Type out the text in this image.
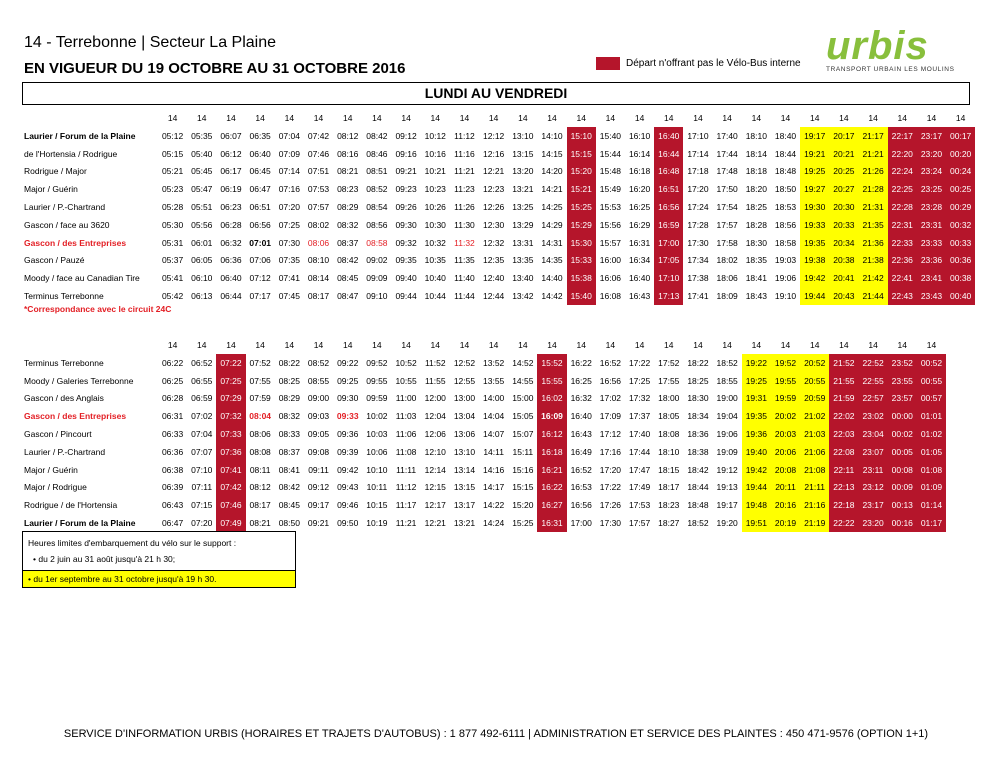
14 - Terrebonne | Secteur La Plaine
EN VIGUEUR DU 19 OCTOBRE AU 31 OCTOBRE 2016	Départ n'offrant pas le Vélo-Bus interne urbis
TRANSPORT URBAIN LES MOULINS
LUNDI AU VENDREDI
	14	14	14	14	14	14	14	14	14	14	14	14	14	14	14	14	14	14	14	14	14	14	14	14	14	14	14	14
Laurier / Forum de la Plaine	05:12	05:35	06:07	06:35	07:04	07:42	08:12	08:42	09:12	10:12	11:12	12:12	13:10	14:10	15:10	15:40	16:10	16:40	17:10	17:40	18:10	18:40	19:17	20:17	21:17	22:17	23:17	00:17
de l'Hortensia / Rodrigue	05:15	05:40	06:12	06:40	07:09	07:46	08:16	08:46	09:16	10:16	11:16	12:16	13:15	14:15	15:15	15:44	16:14	16:44	17:14	17:44	18:14	18:44	19:21	20:21	21:21	22:20	23:20	00:20
Rodrigue / Major	05:21	05:45	06:17	06:45	07:14	07:51	08:21	08:51	09:21	10:21	11:21	12:21	13:20	14:20	15:20	15:48	16:18	16:48	17:18	17:48	18:18	18:48	19:25	20:25	21:26	22:24	23:24	00:24
Major / Guérin	05:23	05:47	06:19	06:47	07:16	07:53	08:23	08:52	09:23	10:23	11:23	12:23	13:21	14:21	15:21	15:49	16:20	16:51	17:20	17:50	18:20	18:50	19:27	20:27	21:28	22:25	23:25	00:25
Laurier / P.-Chartrand	05:28	05:51	06:23	06:51	07:20	07:57	08:29	08:54	09:26	10:26	11:26	12:26	13:25	14:25	15:25	15:53	16:25	16:56	17:24	17:54	18:25	18:53	19:30	20:30	21:31	22:28	23:28	00:29
Gascon / face au 3620	05:30	05:56	06:28	06:56	07:25	08:02	08:32	08:56	09:30	10:30	11:30	12:30	13:29	14:29	15:29	15:56	16:29	16:59	17:28	17:57	18:28	18:56	19:33	20:33	21:35	22:31	23:31	00:32
Gascon / des Entreprises	05:31	06:01	06:32	07:01	07:30	08:06	08:37	08:58	09:32	10:32	11:32	12:32	13:31	14:31	15:30	15:57	16:31	17:00	17:30	17:58	18:30	18:58	19:35	20:34	21:36	22:33	23:33	00:33
Gascon / Pauzé	05:37	06:05	06:36	07:06	07:35	08:10	08:42	09:02	09:35	10:35	11:35	12:35	13:35	14:35	15:33	16:00	16:34	17:05	17:34	18:02	18:35	19:03	19:38	20:38	21:38	22:36	23:36	00:36
Moody / face au Canadian Tire	05:41	06:10	06:40	07:12	07:41	08:14	08:45	09:09	09:40	10:40	11:40	12:40	13:40	14:40	15:38	16:06	16:40	17:10	17:38	18:06	18:41	19:06	19:42	20:41	21:42	22:41	23:41	00:38
Terminus Terrebonne	05:42	06:13	06:44	07:17	07:45	08:17	08:47	09:10	09:44	10:44	11:44	12:44	13:42	14:42	15:40	16:08	16:43	17:13	17:41	18:09	18:43	19:10	19:44	20:43	21:44	22:43	23:43	00:40
*Correspondance avec le circuit 24C
	14	14	14	14	14	14	14	14	14	14	14	14	14	14	14	14	14	14	14	14	14	14	14	14	14	14	14
Terminus Terrebonne	06:22	06:52	07:22	07:52	08:22	08:52	09:22	09:52	10:52	11:52	12:52	13:52	14:52	15:52	16:22	16:52	17:22	17:52	18:22	18:52	19:22	19:52	20:52	21:52	22:52	23:52	00:52
Moody / Galeries Terrebonne	06:25	06:55	07:25	07:55	08:25	08:55	09:25	09:55	10:55	11:55	12:55	13:55	14:55	15:55	16:25	16:56	17:25	17:55	18:25	18:55	19:25	19:55	20:55	21:55	22:55	23:55	00:55
Gascon / des Anglais	06:28	06:59	07:29	07:59	08:29	09:00	09:30	09:59	11:00	12:00	13:00	14:00	15:00	16:02	16:32	17:02	17:32	18:00	18:30	19:00	19:31	19:59	20:59	21:59	22:57	23:57	00:57
Gascon / des Entreprises	06:31	07:02	07:32	08:04	08:32	09:03	09:33	10:02	11:03	12:04	13:04	14:04	15:05	16:09	16:40	17:09	17:37	18:05	18:34	19:04	19:35	20:02	21:02	22:02	23:02	00:00	01:01
Gascon / Pincourt	06:33	07:04	07:33	08:06	08:33	09:05	09:36	10:03	11:06	12:06	13:06	14:07	15:07	16:12	16:43	17:12	17:40	18:08	18:36	19:06	19:36	20:03	21:03	22:03	23:04	00:02	01:02
Laurier / P.-Chartrand	06:36	07:07	07:36	08:08	08:37	09:08	09:39	10:06	11:08	12:10	13:10	14:11	15:11	16:18	16:49	17:16	17:44	18:10	18:38	19:09	19:40	20:06	21:06	22:08	23:07	00:05	01:05
Major / Guérin	06:38	07:10	07:41	08:11	08:41	09:11	09:42	10:10	11:11	12:14	13:14	14:16	15:16	16:21	16:52	17:20	17:47	18:15	18:42	19:12	19:42	20:08	21:08	22:11	23:11	00:08	01:08
Major / Rodrigue	06:39	07:11	07:42	08:12	08:42	09:12	09:43	10:11	11:12	12:15	13:15	14:17	15:15	16:22	16:53	17:22	17:49	18:17	18:44	19:13	19:44	20:11	21:11	22:13	23:12	00:09	01:09
Rodrigue / de l'Hortensia	06:43	07:15	07:46	08:17	08:45	09:17	09:46	10:15	11:17	12:17	13:17	14:22	15:20	16:27	16:56	17:26	17:53	18:23	18:48	19:17	19:48	20:16	21:16	22:18	23:17	00:13	01:14
Laurier / Forum de la Plaine	06:47	07:20	07:49	08:21	08:50	09:21	09:50	10:19	11:21	12:21	13:21	14:24	15:25	16:31	17:00	17:30	17:57	18:27	18:52	19:20	19:51	20:19	21:19	22:22	23:20	00:16	01:17
Heures limites d'embarquement du vélo sur le support :
• du 2 juin au 31 août jusqu'à 21 h 30;
• du 1er septembre au 31 octobre jusqu'à 19 h 30.
SERVICE D'INFORMATION URBIS (HORAIRES ET TRAJETS D'AUTOBUS) : 1 877 492-6111 | ADMINISTRATION ET SERVICE DES PLAINTES : 450 471-9576 (OPTION 1+1)
